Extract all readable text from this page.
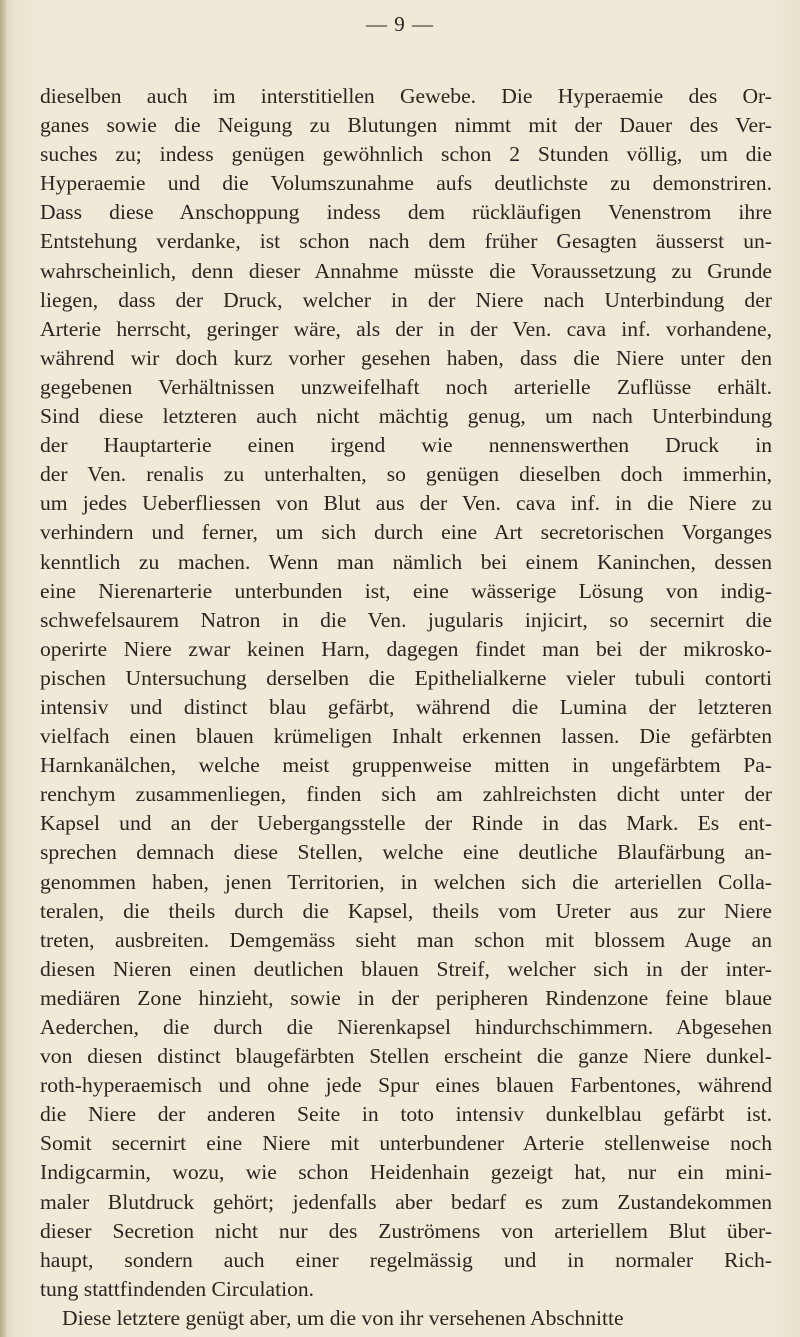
— 9 —
dieselben auch im interstitiellen Gewebe. Die Hyperaemie des Or-
ganes sowie die Neigung zu Blutungen nimmt mit der Dauer des Ver-
suches zu; indess genügen gewöhnlich schon 2 Stunden völlig, um die
Hyperaemie und die Volumszunahme aufs deutlichste zu demonstriren.
Dass diese Anschoppung indess dem rückläufigen Venenstrom ihre
Entstehung verdanke, ist schon nach dem früher Gesagten äusserst un-
wahrscheinlich, denn dieser Annahme müsste die Voraussetzung zu Grunde
liegen, dass der Druck, welcher in der Niere nach Unterbindung der
Arterie herrscht, geringer wäre, als der in der Ven. cava inf. vorhandene,
während wir doch kurz vorher gesehen haben, dass die Niere unter den
gegebenen Verhältnissen unzweifelhaft noch arterielle Zuflüsse erhält.
Sind diese letzteren auch nicht mächtig genug, um nach Unterbindung
der Hauptarterie einen irgend wie nennenswerthen Druck in
der Ven. renalis zu unterhalten, so genügen dieselben doch immerhin,
um jedes Ueberfliessen von Blut aus der Ven. cava inf. in die Niere zu
verhindern und ferner, um sich durch eine Art secretorischen Vorganges
kenntlich zu machen. Wenn man nämlich bei einem Kaninchen, dessen
eine Nierenarterie unterbunden ist, eine wässerige Lösung von indig-
schwefelsaurem Natron in die Ven. jugularis injicirt, so secernirt die
operirte Niere zwar keinen Harn, dagegen findet man bei der mikrosko-
pischen Untersuchung derselben die Epithelialkerne vieler tubuli contorti
intensiv und distinct blau gefärbt, während die Lumina der letzteren
vielfach einen blauen krümeligen Inhalt erkennen lassen. Die gefärbten
Harnkanälchen, welche meist gruppenweise mitten in ungefärbtem Pa-
renchym zusammenliegen, finden sich am zahlreichsten dicht unter der
Kapsel und an der Uebergangsstelle der Rinde in das Mark. Es ent-
sprechen demnach diese Stellen, welche eine deutliche Blaufärbung an-
genommen haben, jenen Territorien, in welchen sich die arteriellen Colla-
teralen, die theils durch die Kapsel, theils vom Ureter aus zur Niere
treten, ausbreiten. Demgemäss sieht man schon mit blossem Auge an
diesen Nieren einen deutlichen blauen Streif, welcher sich in der inter-
mediären Zone hinzieht, sowie in der peripheren Rindenzone feine blaue
Aederchen, die durch die Nierenkapsel hindurchschimmern. Abgesehen
von diesen distinct blaugefärbten Stellen erscheint die ganze Niere dunkel-
roth-hyperaemisch und ohne jede Spur eines blauen Farbentones, während
die Niere der anderen Seite in toto intensiv dunkelblau gefärbt ist.
Somit secernirt eine Niere mit unterbundener Arterie stellenweise noch
Indigcarmin, wozu, wie schon Heidenhain gezeigt hat, nur ein mini-
maler Blutdruck gehört; jedenfalls aber bedarf es zum Zustandekommen
dieser Secretion nicht nur des Zuströmens von arteriellem Blut über-
haupt, sondern auch einer regelmässig und in normaler Rich-
tung stattfindenden Circulation.
Diese letztere genügt aber, um die von ihr versehenen Abschnitte
